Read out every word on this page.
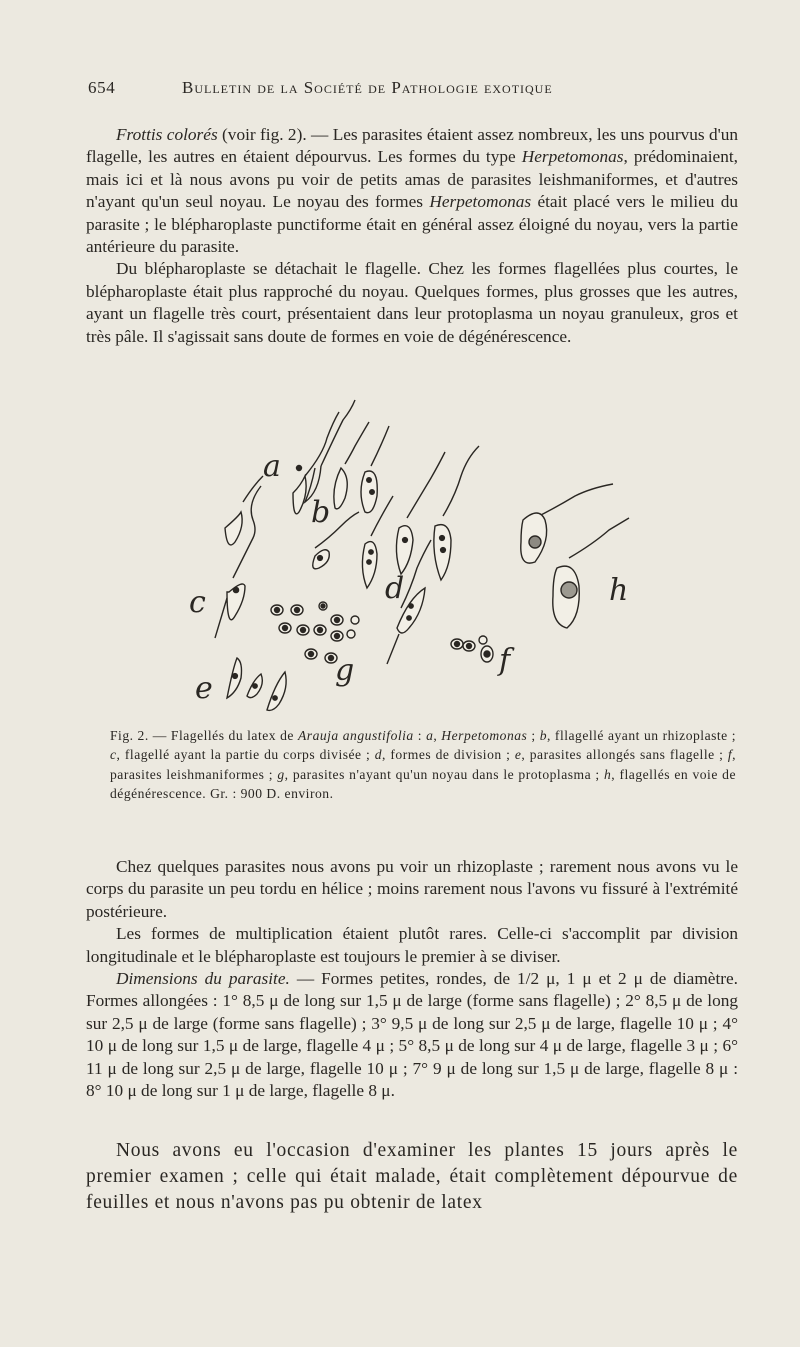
654	Bulletin de la Société de Pathologie exotique

Frottis colorés (voir fig. 2). — Les parasites étaient assez nombreux, les uns pourvus d'un flagelle, les autres en étaient dépourvus. Les formes du type Herpetomonas, prédominaient, mais ici et là nous avons pu voir de petits amas de parasites leishmaniformes, et d'autres n'ayant qu'un seul noyau. Le noyau des formes Herpetomonas était placé vers le milieu du parasite ; le blépharoplaste punctiforme était en général assez éloigné du noyau, vers la partie antérieure du parasite.

Du blépharoplaste se détachait le flagelle. Chez les formes flagellées plus courtes, le blépharoplaste était plus rapproché du noyau. Quelques formes, plus grosses que les autres, ayant un flagelle très court, présentaient dans leur protoplasma un noyau granuleux, gros et très pâle. Il s'agissait sans doute de formes en voie de dégénérescence.

a
b
c	d
e
f
g
h
Fig. 2. — Flagellés du latex de Arauja angustifolia : a, Herpetomonas ; b, fllagellé ayant un rhizoplaste ; c, flagellé ayant la partie du corps divisée ; d, formes de division ; e, parasites allongés sans flagelle ; f, parasites leishmaniformes ; g, parasites n'ayant qu'un noyau dans le protoplasma ; h, flagellés en voie de dégénérescence. Gr. : 900 D. environ.

Chez quelques parasites nous avons pu voir un rhizoplaste ; rarement nous avons vu le corps du parasite un peu tordu en hélice ; moins rarement nous l'avons vu fissuré à l'extrémité postérieure.

Les formes de multiplication étaient plutôt rares. Celle-ci s'accomplit par division longitudinale et le blépharoplaste est toujours le premier à se diviser.

Dimensions du parasite. — Formes petites, rondes, de 1/2 μ, 1 μ et 2 μ de diamètre. Formes allongées : 1° 8,5 μ de long sur 1,5 μ de large (forme sans flagelle) ; 2° 8,5 μ de long sur 2,5 μ de large (forme sans flagelle) ; 3° 9,5 μ de long sur 2,5 μ de large, flagelle 10 μ ; 4° 10 μ de long sur 1,5 μ de large, flagelle 4 μ ; 5° 8,5 μ de long sur 4 μ de large, flagelle 3 μ ; 6° 11 μ de long sur 2,5 μ de large, flagelle 10 μ ; 7° 9 μ de long sur 1,5 μ de large, flagelle 8 μ : 8° 10 μ de long sur 1 μ de large, flagelle 8 μ.

Nous avons eu l'occasion d'examiner les plantes 15 jours après le premier examen ; celle qui était malade, était complètement dépourvue de feuilles et nous n'avons pas pu obtenir de latex
